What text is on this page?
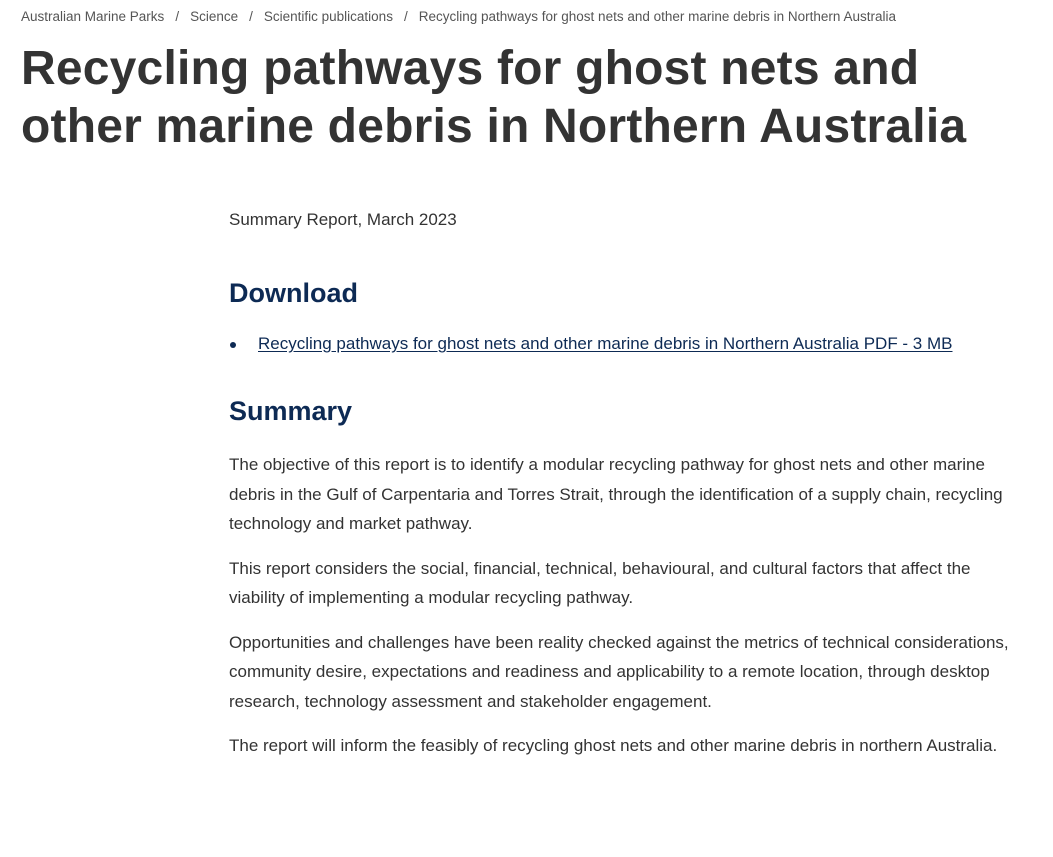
Australian Marine Parks / Science / Scientific publications / Recycling pathways for ghost nets and other marine debris in Northern Australia
Recycling pathways for ghost nets and other marine debris in Northern Australia

Summary Report, March 2023

Download
Recycling pathways for ghost nets and other marine debris in Northern Australia PDF - 3 MB
Summary

The objective of this report is to identify a modular recycling pathway for ghost nets and other marine debris in the Gulf of Carpentaria and Torres Strait, through the identification of a supply chain, recycling technology and market pathway.

This report considers the social, financial, technical, behavioural, and cultural factors that affect the viability of implementing a modular recycling pathway.

Opportunities and challenges have been reality checked against the metrics of technical considerations, community desire, expectations and readiness and applicability to a remote location, through desktop research, technology assessment and stakeholder engagement.

The report will inform the feasibly of recycling ghost nets and other marine debris in northern Australia.
